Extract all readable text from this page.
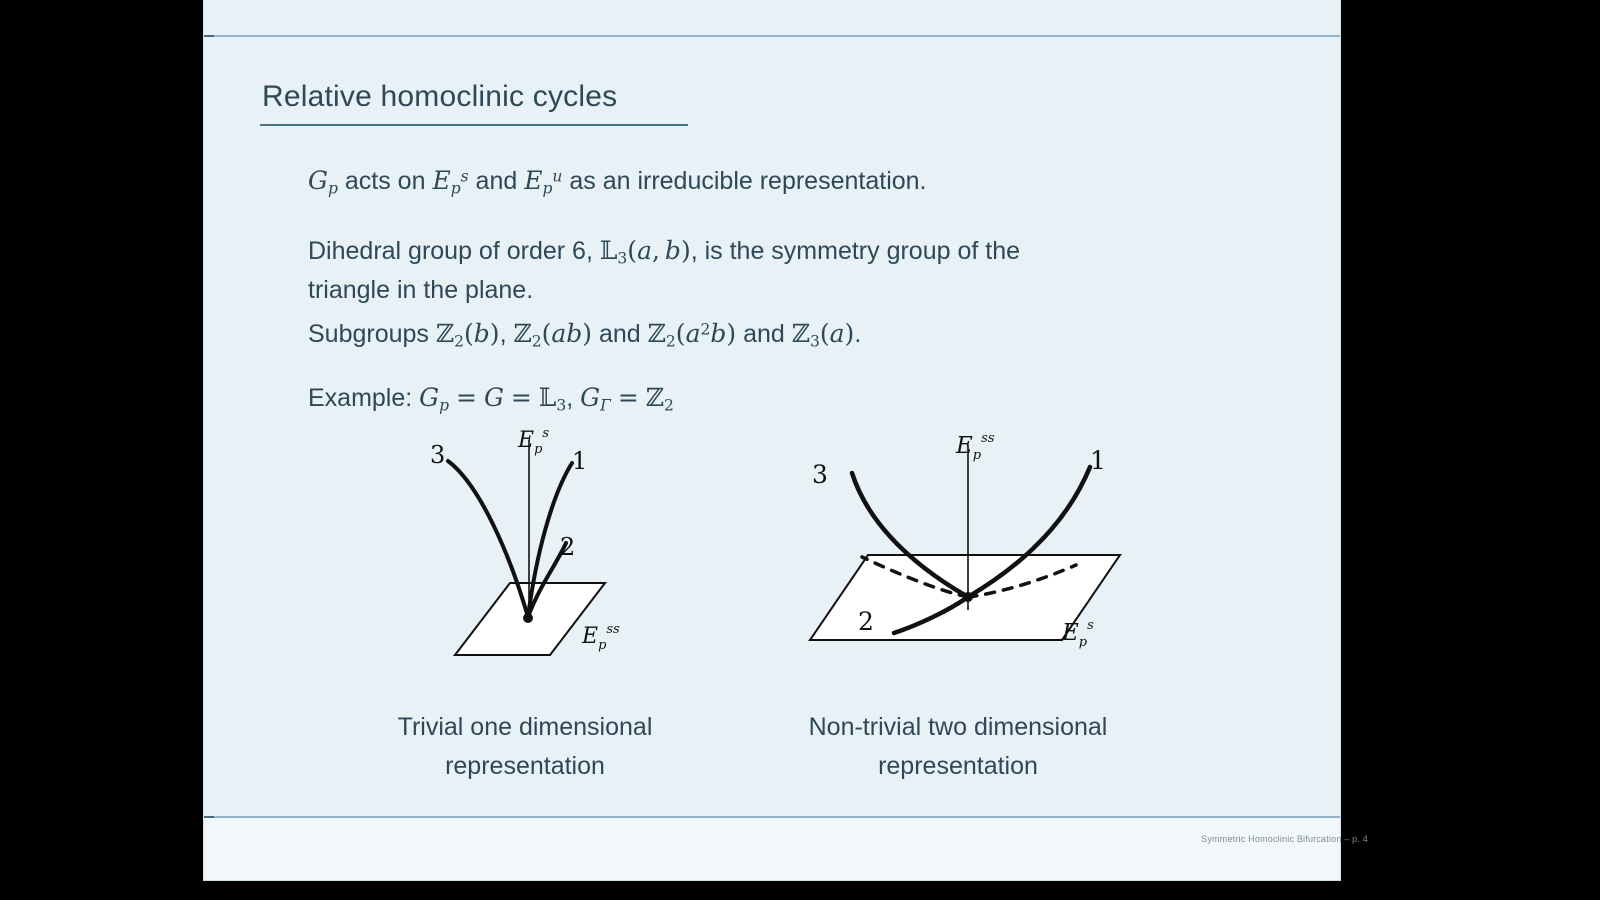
Relative homoclinic cycles
$G_p$ acts on $E_p^s$ and $E_p^u$ as an irreducible representation.
Dihedral group of order 6, 𝕃$_3$(a, b), is the symmetry group of the
triangle in the plane.
Subgroups ℤ$_2$(b), ℤ$_2$(ab) and $ℤ_2(a^2b)$ and ℤ$_3$(a).
Example: $G_p = G$ = 𝕃$_3$, $G_\Gamma$ = ℤ$_2$
3	1
2
$E_p^s$
$E_p^{ss}$
3	1
2
$E_p^{ss}$
$E_p^s$
Trivial one dimensional
representation
Non-trivial two dimensional
representation
Symmetric Homoclinic Bifurcation – p. 4
